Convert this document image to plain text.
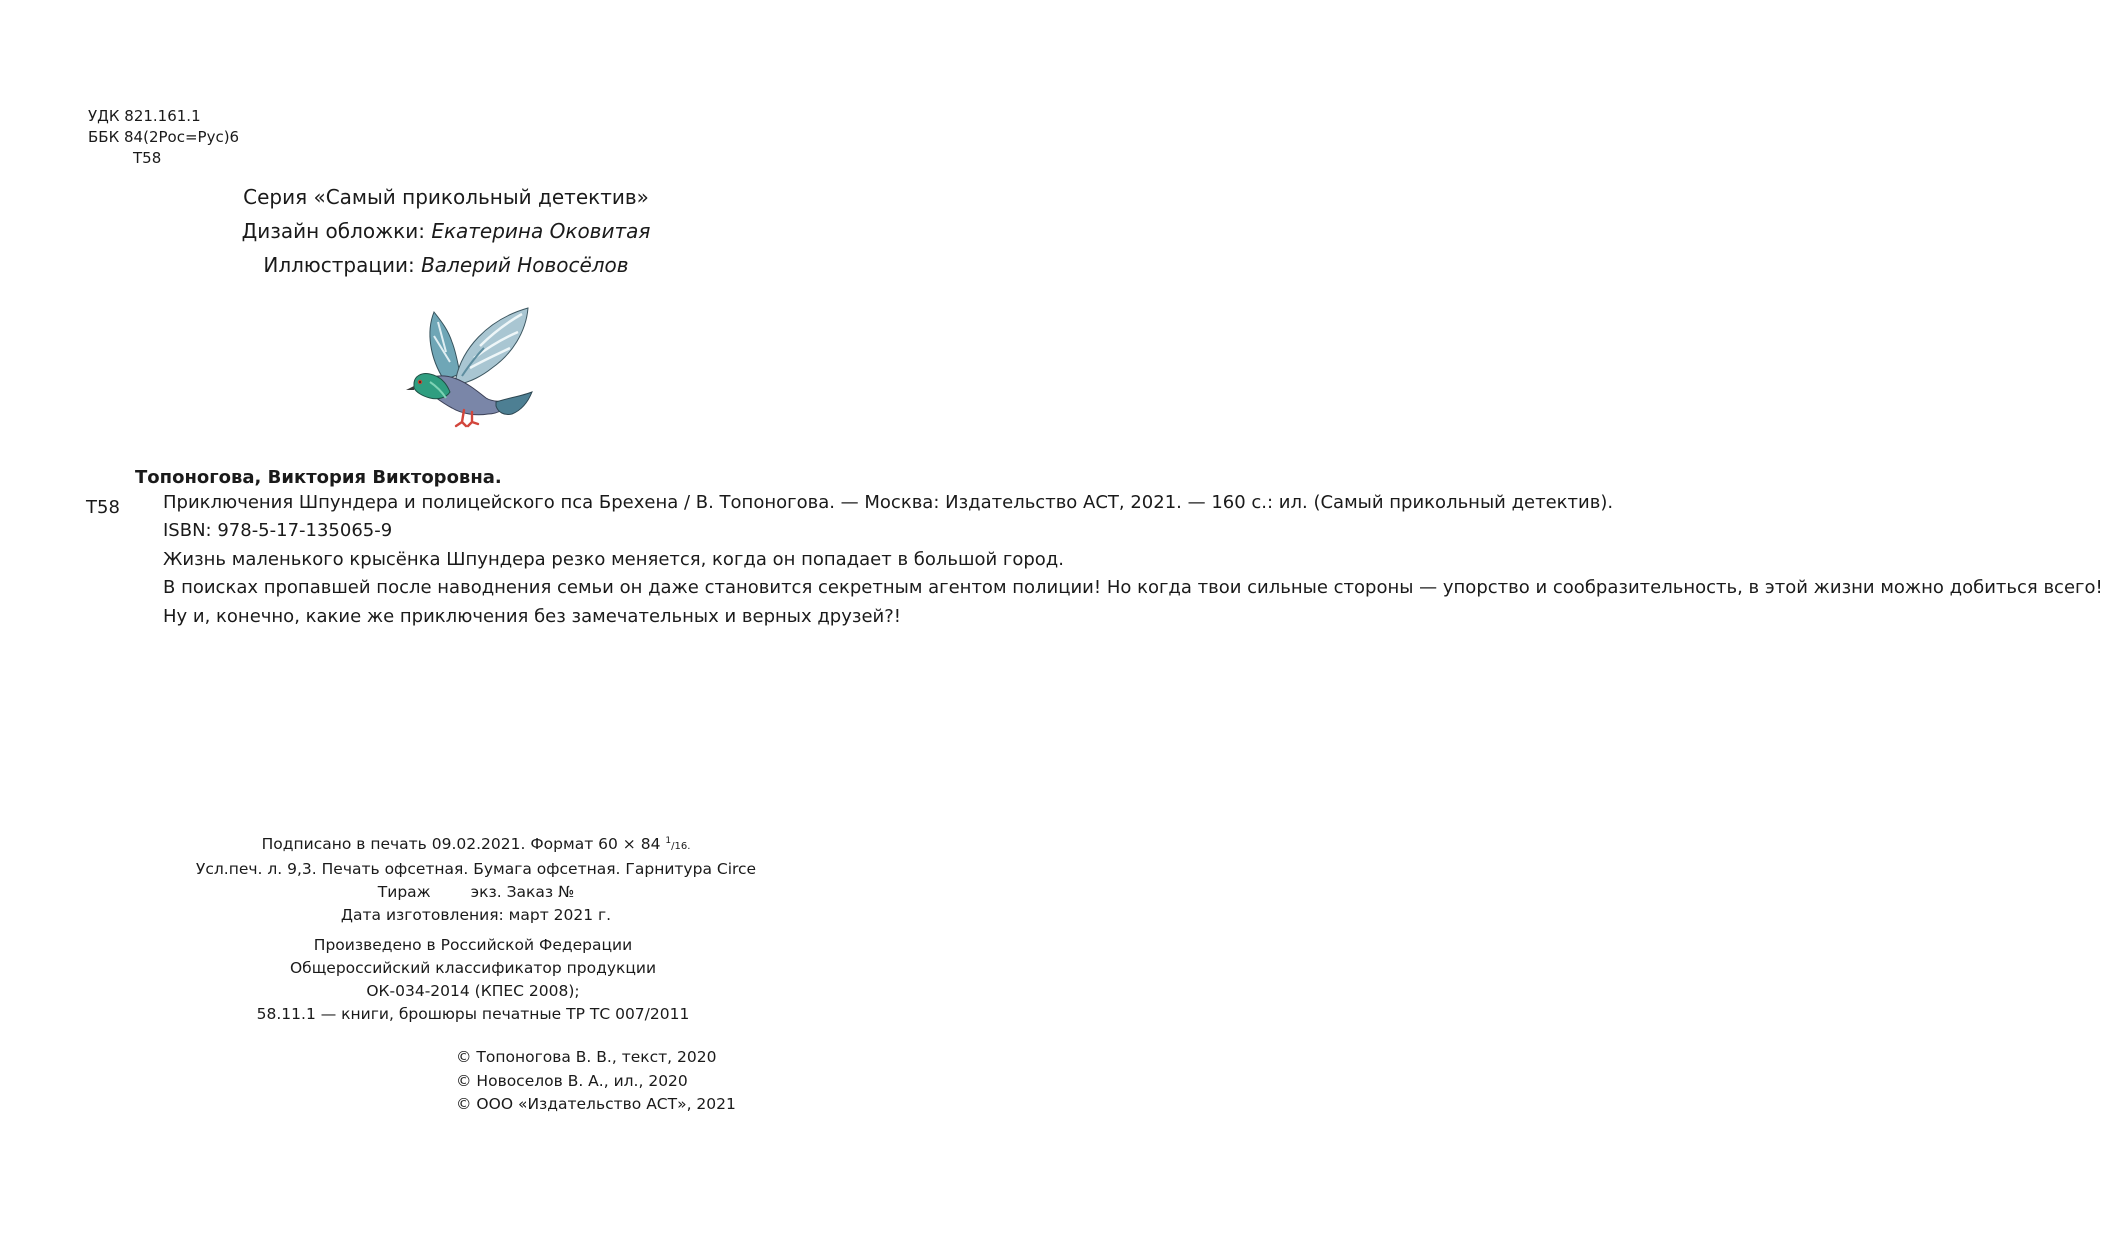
УДК 821.161.1
ББК 84(2Рос=Рус)6
Т58
Серия «Самый прикольный детектив»
Дизайн обложки: Екатерина Оковитая
Иллюстрации: Валерий Новосёлов
Т58

Тoпoнoгова, Виктория Викторовна.

Приключения Шпундера и полицейского пса Брехена / В. Тoпoнoгова. — Москва: Издательство АСТ, 2021. — 160 с.: ил. (Самый прикольный детектив).

ISBN: 978-5-17-135065-9

Жизнь маленького крысёнка Шпундера резко меняется, когда он попадает в большой город.

В поисках пропавшей после наводнения семьи он даже становится секретным агентом полиции! Но когда твои сильные стороны — упорство и сообразительность, в этой жизни можно добиться всего!

Ну и, конечно, какие же приключения без замечательных и верных друзей?!

Подписано в печать 09.02.2021. Формат 60 × 84 $^1$/16.
Усл.печ. л. 9,3. Печать офсетная. Бумага офсетная. Гарнитура Circe
Тираж	экз. Заказ №
Дата изготовления: март 2021 г.
Произведено в Российской Федерации
Общероссийский классификатор продукции
ОК-034-2014 (КПЕС 2008);
58.11.1 — книги, брошюры печатные ТР ТС 007/2011
© Тoпoнoгова В. В., текст, 2020
© Новоселов В. А., ил., 2020
© ООО «Издательство АСТ», 2021
